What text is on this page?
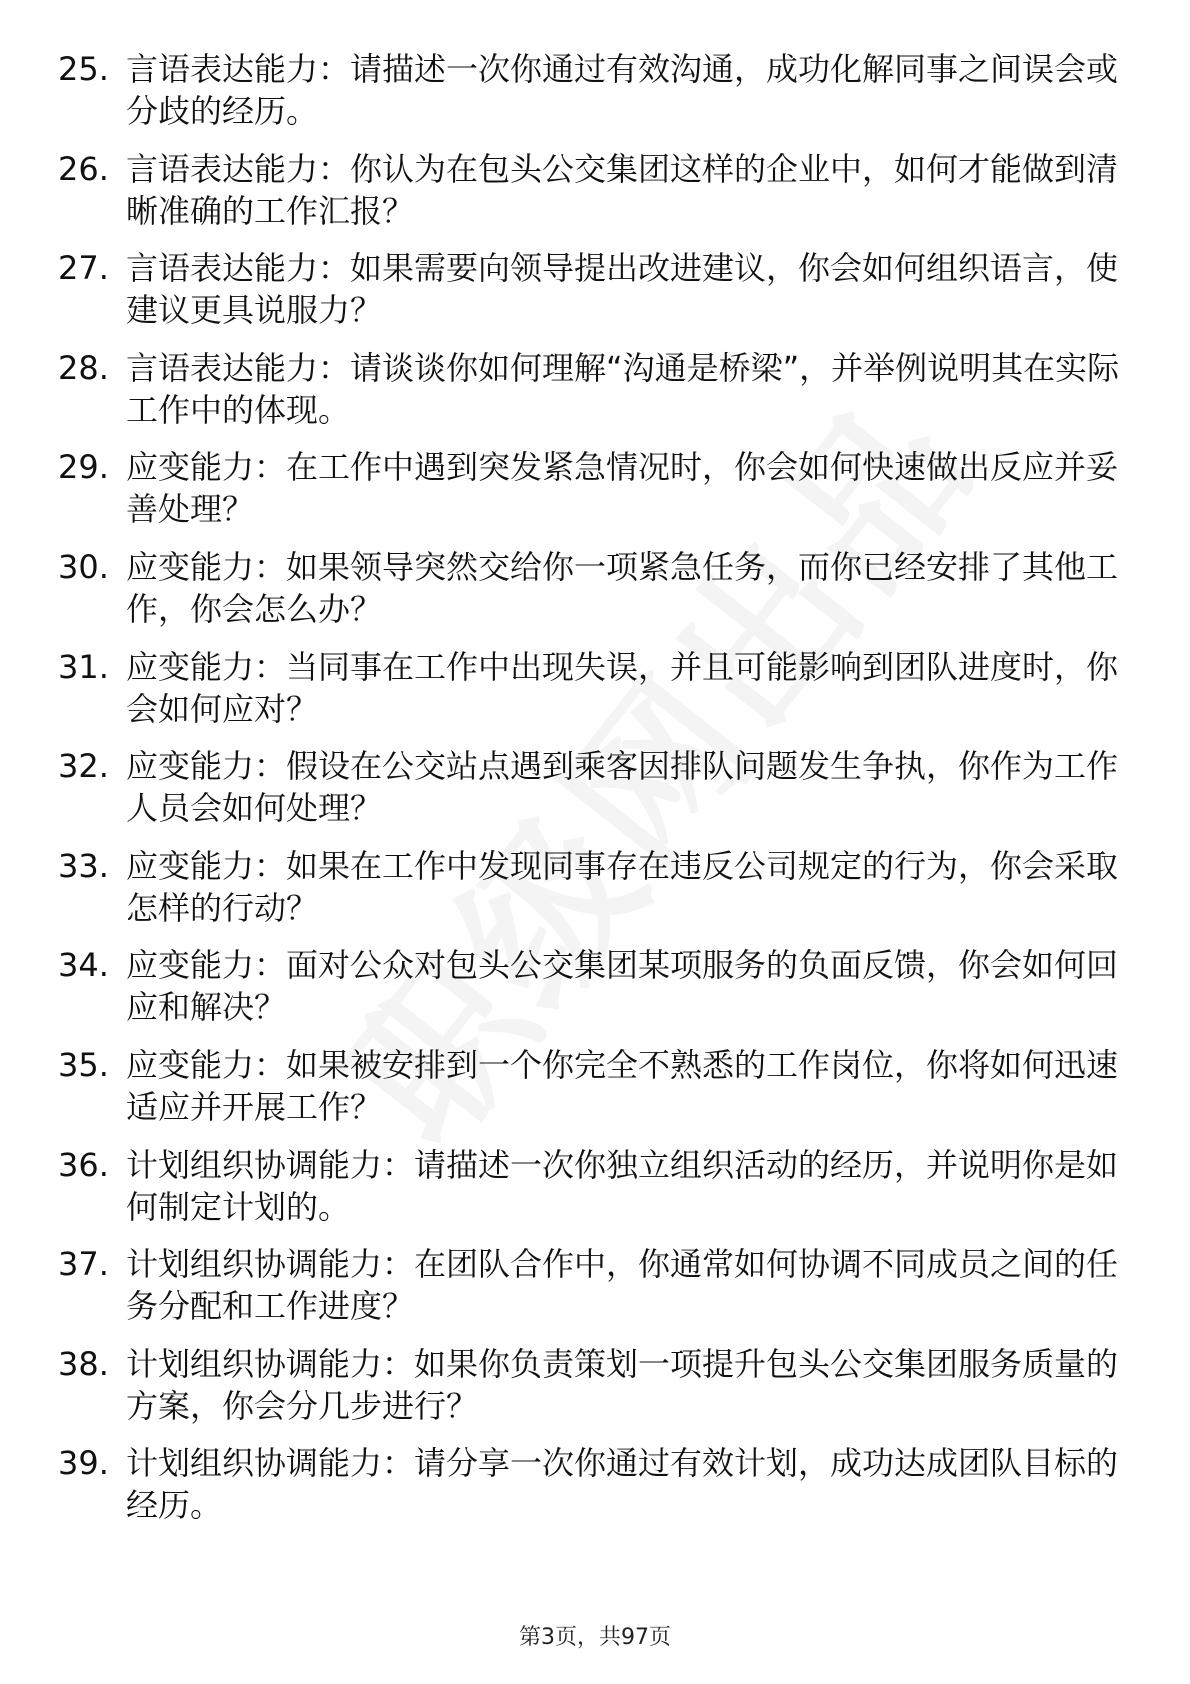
25. 言语表达能力：请描述一次你通过有效沟通，成功化解同事之间误会或分歧的经历。
26. 言语表达能力：你认为在包头公交集团这样的企业中，如何才能做到清晰准确的工作汇报？
27. 言语表达能力：如果需要向领导提出改进建议，你会如何组织语言，使建议更具说服力？
28. 言语表达能力：请谈谈你如何理解“沟通是桥梁”，并举例说明其在实际工作中的体现。
29. 应变能力：在工作中遇到突发紧急情况时，你会如何快速做出反应并妥善处理？
30. 应变能力：如果领导突然交给你一项紧急任务，而你已经安排了其他工作，你会怎么办？
31. 应变能力：当同事在工作中出现失误，并且可能影响到团队进度时，你会如何应对？
32. 应变能力：假设在公交站点遇到乘客因排队问题发生争执，你作为工作人员会如何处理？
33. 应变能力：如果在工作中发现同事存在违反公司规定的行为，你会采取怎样的行动？
34. 应变能力：面对公众对包头公交集团某项服务的负面反馈，你会如何回应和解决？
35. 应变能力：如果被安排到一个你完全不熟悉的工作岗位，你将如何迅速适应并开展工作？
36. 计划组织协调能力：请描述一次你独立组织活动的经历，并说明你是如何制定计划的。
37. 计划组织协调能力：在团队合作中，你通常如何协调不同成员之间的任务分配和工作进度？
38. 计划组织协调能力：如果你负责策划一项提升包头公交集团服务质量的方案，你会分几步进行？
39. 计划组织协调能力：请分享一次你通过有效计划，成功达成团队目标的经历。
第3页，共97页
